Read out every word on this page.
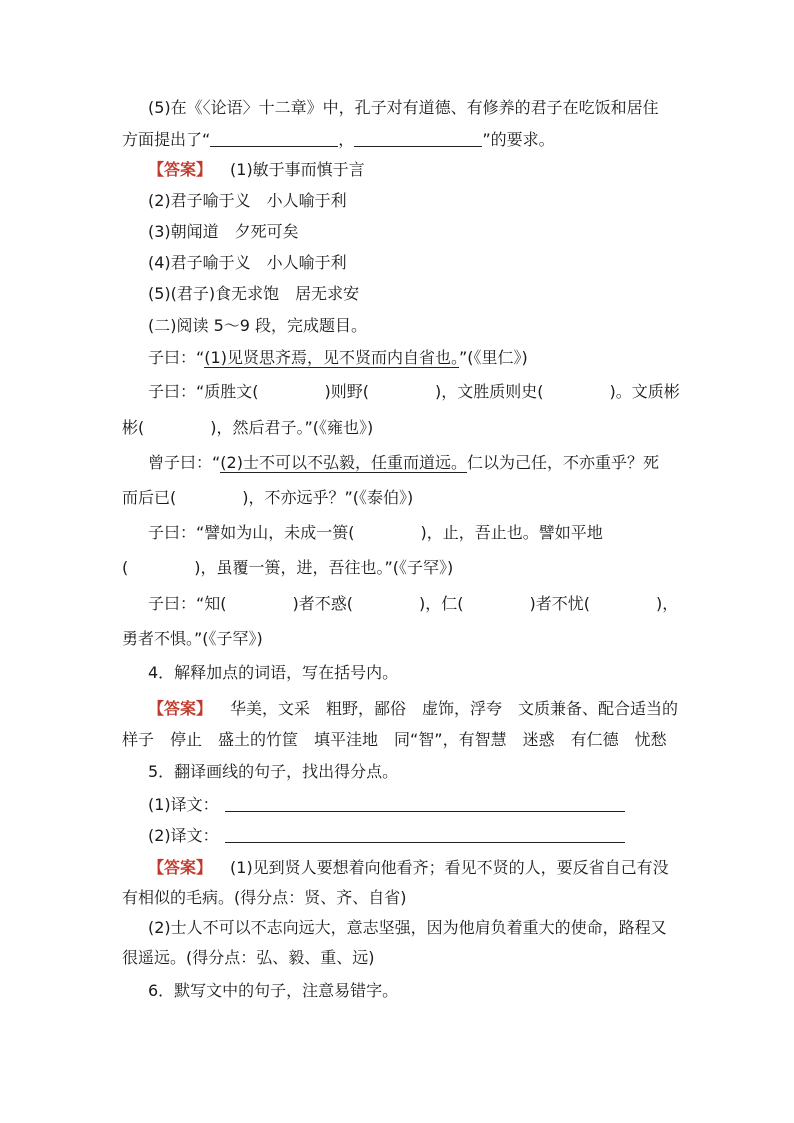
(5)在《〈论语〉十二章》中，孔子对有道德、有修养的君子在吃饭和居住
方面提出了“	，	”的要求。
【答案】 (1)敏于事而慎于言
(2)君子喻于义　小人喻于利
(3)朝闻道　夕死可矣
(4)君子喻于义　小人喻于利
(5)(君子)食无求饱　居无求安
(二)阅读 5～9 段，完成题目。
子曰：“(1)见贤思齐焉，见不贤而内自省也。”(《里仁》)
子曰：“质胜文(	)则野(	)，文胜质则史(	)。文质彬
彬(	)，然后君子。”(《雍也》)
曾子曰：“(2)士不可以不弘毅，任重而道远。仁以为己任，不亦重乎？死
而后已(	)，不亦远乎？”(《泰伯》)
子曰：“譬如为山，未成一篑(	)，止，吾止也。譬如平地
(	)，虽覆一篑，进，吾往也。”(《子罕》)
子曰：“知(	)者不惑(	)，仁(	)者不忧(	)，
勇者不惧。”(《子罕》)
4．解释加点的词语，写在括号内。
【答案】 华美，文采　粗野，鄙俗　虚饰，浮夸　文质兼备、配合适当的
样子　停止　盛土的竹筐　填平洼地　同“智”，有智慧　迷惑　有仁德　忧愁
5．翻译画线的句子，找出得分点。
(1)译文：
(2)译文：
【答案】 (1)见到贤人要想着向他看齐；看见不贤的人，要反省自己有没
有相似的毛病。(得分点：贤、齐、自省)
(2)士人不可以不志向远大，意志坚强，因为他肩负着重大的使命，路程又
很遥远。(得分点：弘、毅、重、远)
6．默写文中的句子，注意易错字。
